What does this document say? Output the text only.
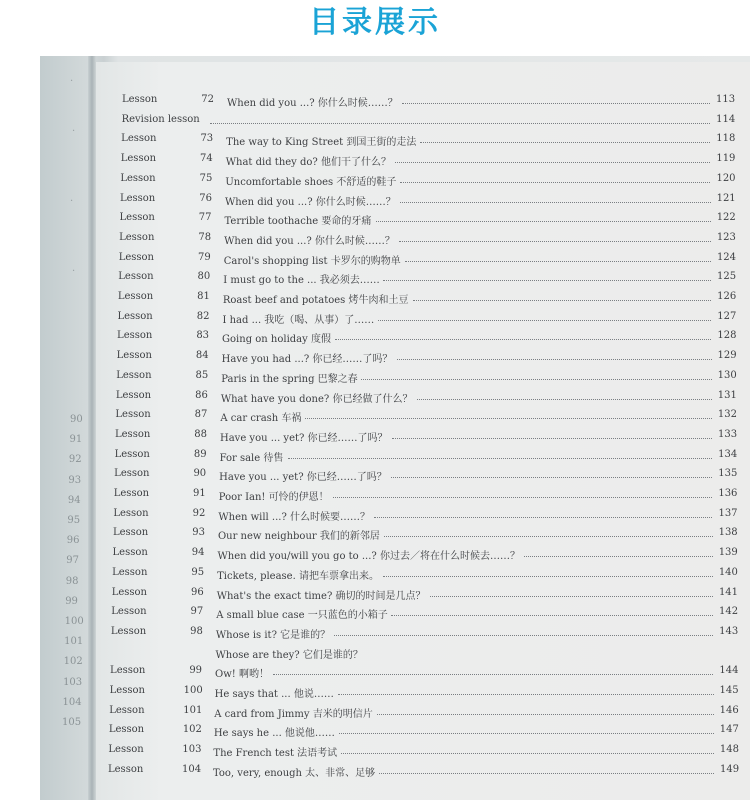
目录展示
·
·
·
·
90
91
92
93
94
95
96
97
98
99
100
101
102
103
104
105
Lesson	72 When did you ...? 你什么时候……？	113
Revision lesson	114
Lesson	73 The way to King Street 到国王街的走法	118
Lesson	74 What did they do? 他们干了什么？	119
Lesson	75 Uncomfortable shoes 不舒适的鞋子	120
Lesson	76 When did you ...? 你什么时候……？	121
Lesson	77 Terrible toothache 要命的牙痛	122
Lesson	78 When did you ...? 你什么时候……？	123
Lesson	79 Carol's shopping list 卡罗尔的购物单	124
Lesson	80 I must go to the ... 我必须去……	125
Lesson	81 Roast beef and potatoes 烤牛肉和土豆	126
Lesson	82 I had ... 我吃（喝、从事）了……	127
Lesson	83 Going on holiday 度假	128
Lesson	84 Have you had ...? 你已经……了吗？	129
Lesson	85 Paris in the spring 巴黎之春	130
Lesson	86 What have you done? 你已经做了什么？	131
Lesson	87 A car crash 车祸	132
Lesson	88 Have you ... yet? 你已经……了吗？	133
Lesson	89 For sale 待售	134
Lesson	90 Have you ... yet? 你已经……了吗？	135
Lesson	91 Poor Ian! 可怜的伊恩！	136
Lesson	92 When will ...? 什么时候要……？	137
Lesson	93 Our new neighbour 我们的新邻居	138
Lesson	94 When did you/will you go to ...? 你过去／将在什么时候去……？	139
Lesson	95 Tickets, please. 请把车票拿出来。	140
Lesson	96 What's the exact time? 确切的时间是几点？	141
Lesson	97 A small blue case 一只蓝色的小箱子	142
Lesson	98 Whose is it? 它是谁的？	143
Whose are they? 它们是谁的？
Lesson	99 Ow! 啊哟！	144
Lesson	100 He says that ... 他说……	145
Lesson	101 A card from Jimmy 吉米的明信片	146
Lesson	102 He says he ... 他说他……	147
Lesson	103 The French test 法语考试	148
Lesson	104 Too, very, enough 太、非常、足够	149
